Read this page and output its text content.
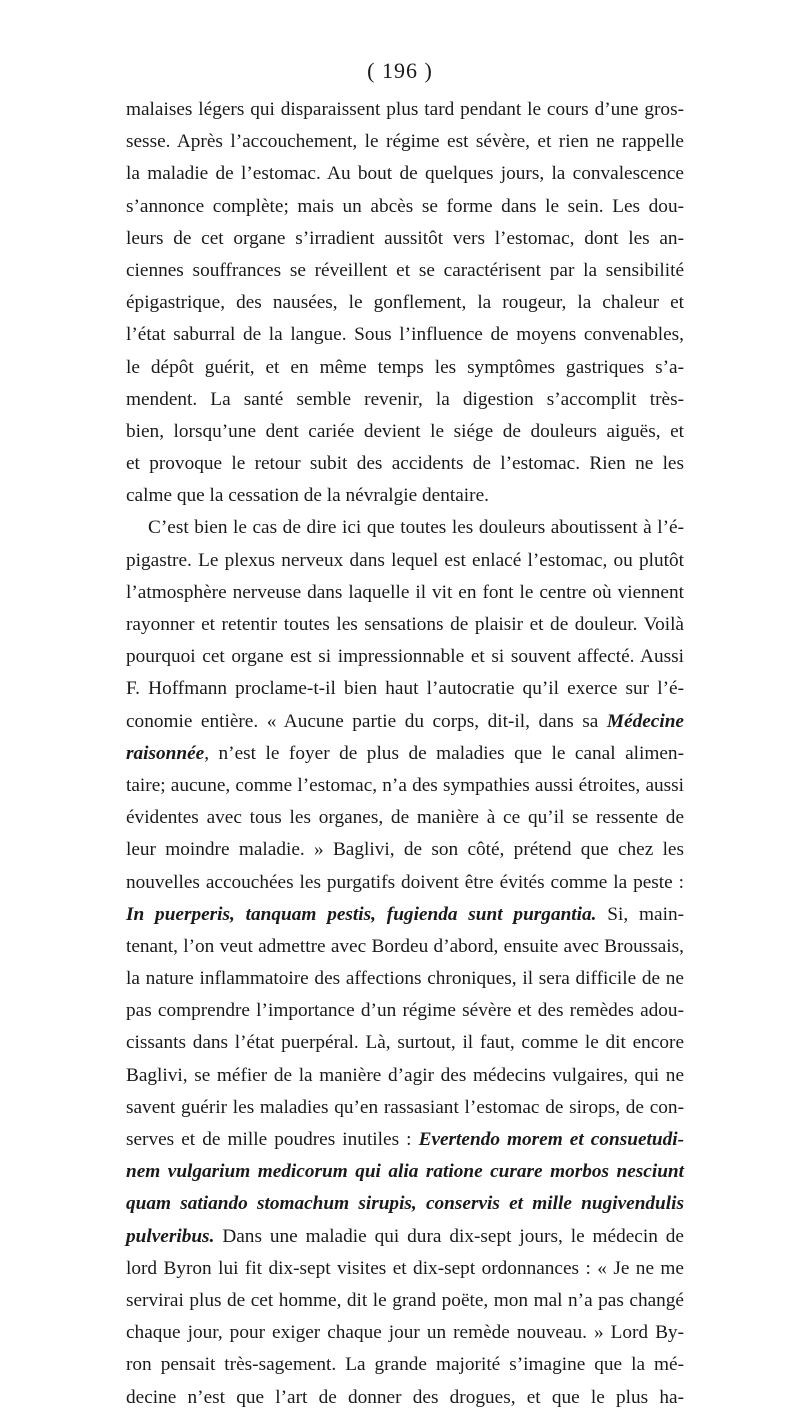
( 196 )
malaises légers qui disparaissent plus tard pendant le cours d’une gros-
sesse. Après l’accouchement, le régime est sévère, et rien ne rappelle
la maladie de l’estomac. Au bout de quelques jours, la convalescence
s’annonce complète; mais un abcès se forme dans le sein. Les dou-
leurs de cet organe s’irradient aussitôt vers l’estomac, dont les an-
ciennes souffrances se réveillent et se caractérisent par la sensibilité
épigastrique, des nausées, le gonflement, la rougeur, la chaleur et
l’état saburral de la langue. Sous l’influence de moyens convenables,
le dépôt guérit, et en même temps les symptômes gastriques s’a-
mendent. La santé semble revenir, la digestion s’accomplit très-
bien, lorsqu’une dent cariée devient le siége de douleurs aiguës, et
et provoque le retour subit des accidents de l’estomac. Rien ne les
calme que la cessation de la névralgie dentaire.
C’est bien le cas de dire ici que toutes les douleurs aboutissent à l’é-
pigastre. Le plexus nerveux dans lequel est enlacé l’estomac, ou plutôt
l’atmosphère nerveuse dans laquelle il vit en font le centre où viennent
rayonner et retentir toutes les sensations de plaisir et de douleur. Voilà
pourquoi cet organe est si impressionnable et si souvent affecté. Aussi
F. Hoffmann proclame-t-il bien haut l’autocratie qu’il exerce sur l’é-
conomie entière. « Aucune partie du corps, dit-il, dans sa Médecine
raisonnée, n’est le foyer de plus de maladies que le canal alimen-
taire; aucune, comme l’estomac, n’a des sympathies aussi étroites, aussi
évidentes avec tous les organes, de manière à ce qu’il se ressente de
leur moindre maladie. » Baglivi, de son côté, prétend que chez les
nouvelles accouchées les purgatifs doivent être évités comme la peste :
In puerperis, tanquam pestis, fugienda sunt purgantia. Si, main-
tenant, l’on veut admettre avec Bordeu d’abord, ensuite avec Broussais,
la nature inflammatoire des affections chroniques, il sera difficile de ne
pas comprendre l’importance d’un régime sévère et des remèdes adou-
cissants dans l’état puerpéral. Là, surtout, il faut, comme le dit encore
Baglivi, se méfier de la manière d’agir des médecins vulgaires, qui ne
savent guérir les maladies qu’en rassasiant l’estomac de sirops, de con-
serves et de mille poudres inutiles : Evertendo morem et consuetudi-
nem vulgarium medicorum qui alia ratione curare morbos nesciunt
quam satiando stomachum sirupis, conservis et mille nugivendulis
pulveribus. Dans une maladie qui dura dix-sept jours, le médecin de
lord Byron lui fit dix-sept visites et dix-sept ordonnances : « Je ne me
servirai plus de cet homme, dit le grand poëte, mon mal n’a pas changé
chaque jour, pour exiger chaque jour un remède nouveau. » Lord By-
ron pensait très-sagement. La grande majorité s’imagine que la mé-
decine n’est que l’art de donner des drogues, et que le plus ha-
